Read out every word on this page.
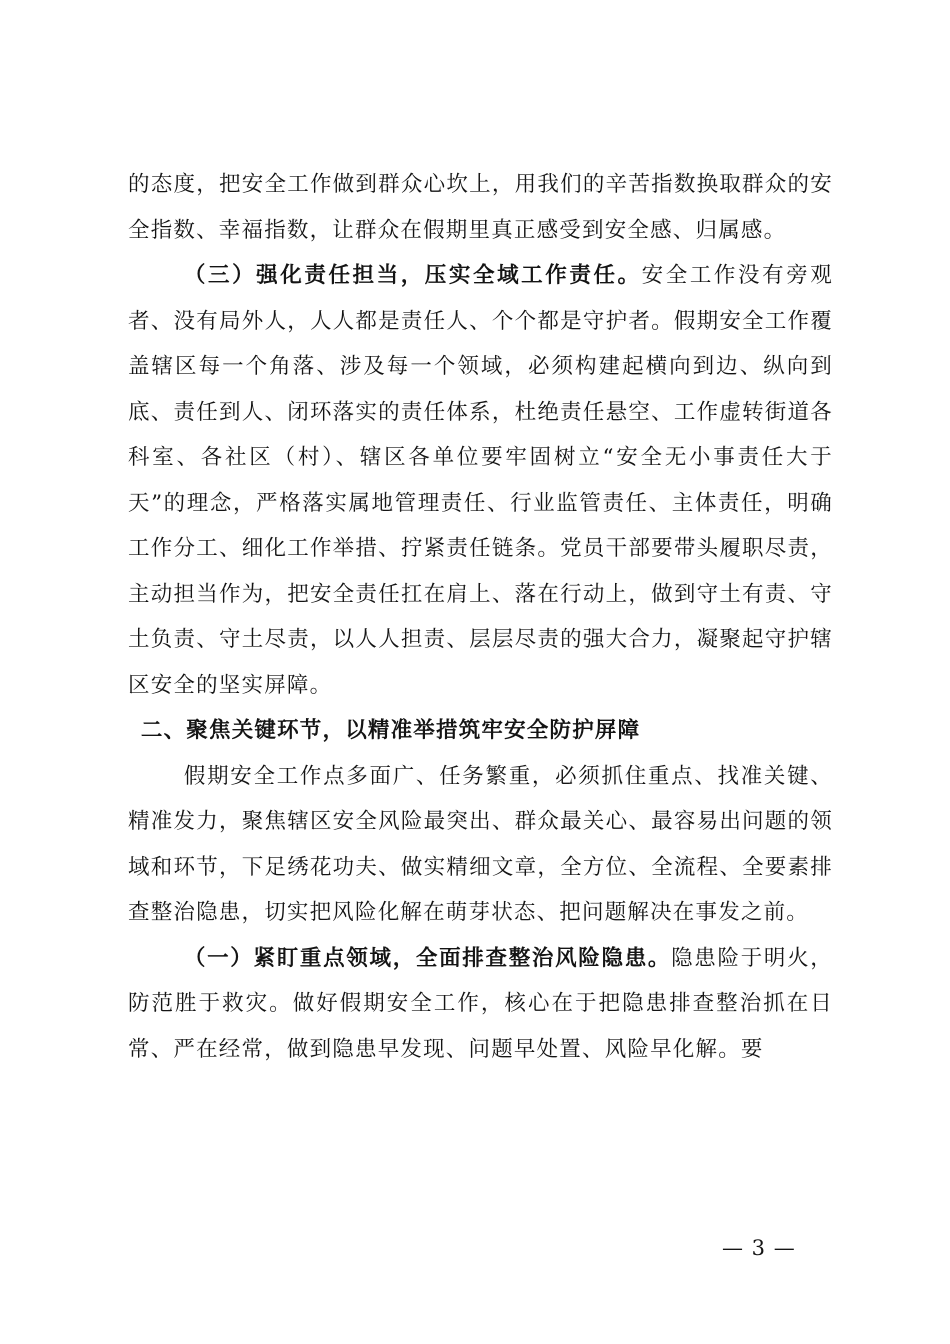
的态度，把安全工作做到群众心坎上，用我们的辛苦指数换取群众的安全指数、幸福指数，让群众在假期里真正感受到安全感、归属感。

（三）强化责任担当，压实全域工作责任。安全工作没有旁观者、没有局外人，人人都是责任人、个个都是守护者。假期安全工作覆盖辖区每一个角落、涉及每一个领域，必须构建起横向到边、纵向到底、责任到人、闭环落实的责任体系，杜绝责任悬空、工作虚转街道各科室、各社区（村）、辖区各单位要牢固树立“安全无小事责任大于天”的理念，严格落实属地管理责任、行业监管责任、主体责任，明确工作分工、细化工作举措、拧紧责任链条。党员干部要带头履职尽责，主动担当作为，把安全责任扛在肩上、落在行动上，做到守土有责、守土负责、守土尽责，以人人担责、层层尽责的强大合力，凝聚起守护辖区安全的坚实屏障。

二、聚焦关键环节，以精准举措筑牢安全防护屏障

假期安全工作点多面广、任务繁重，必须抓住重点、找准关键、精准发力，聚焦辖区安全风险最突出、群众最关心、最容易出问题的领域和环节，下足绣花功夫、做实精细文章，全方位、全流程、全要素排查整治隐患，切实把风险化解在萌芽状态、把问题解决在事发之前。

（一）紧盯重点领域，全面排查整治风险隐患。隐患险于明火，防范胜于救灾。做好假期安全工作，核心在于把隐患排查整治抓在日常、严在经常，做到隐患早发现、问题早处置、风险早化解。要

— 3 —
